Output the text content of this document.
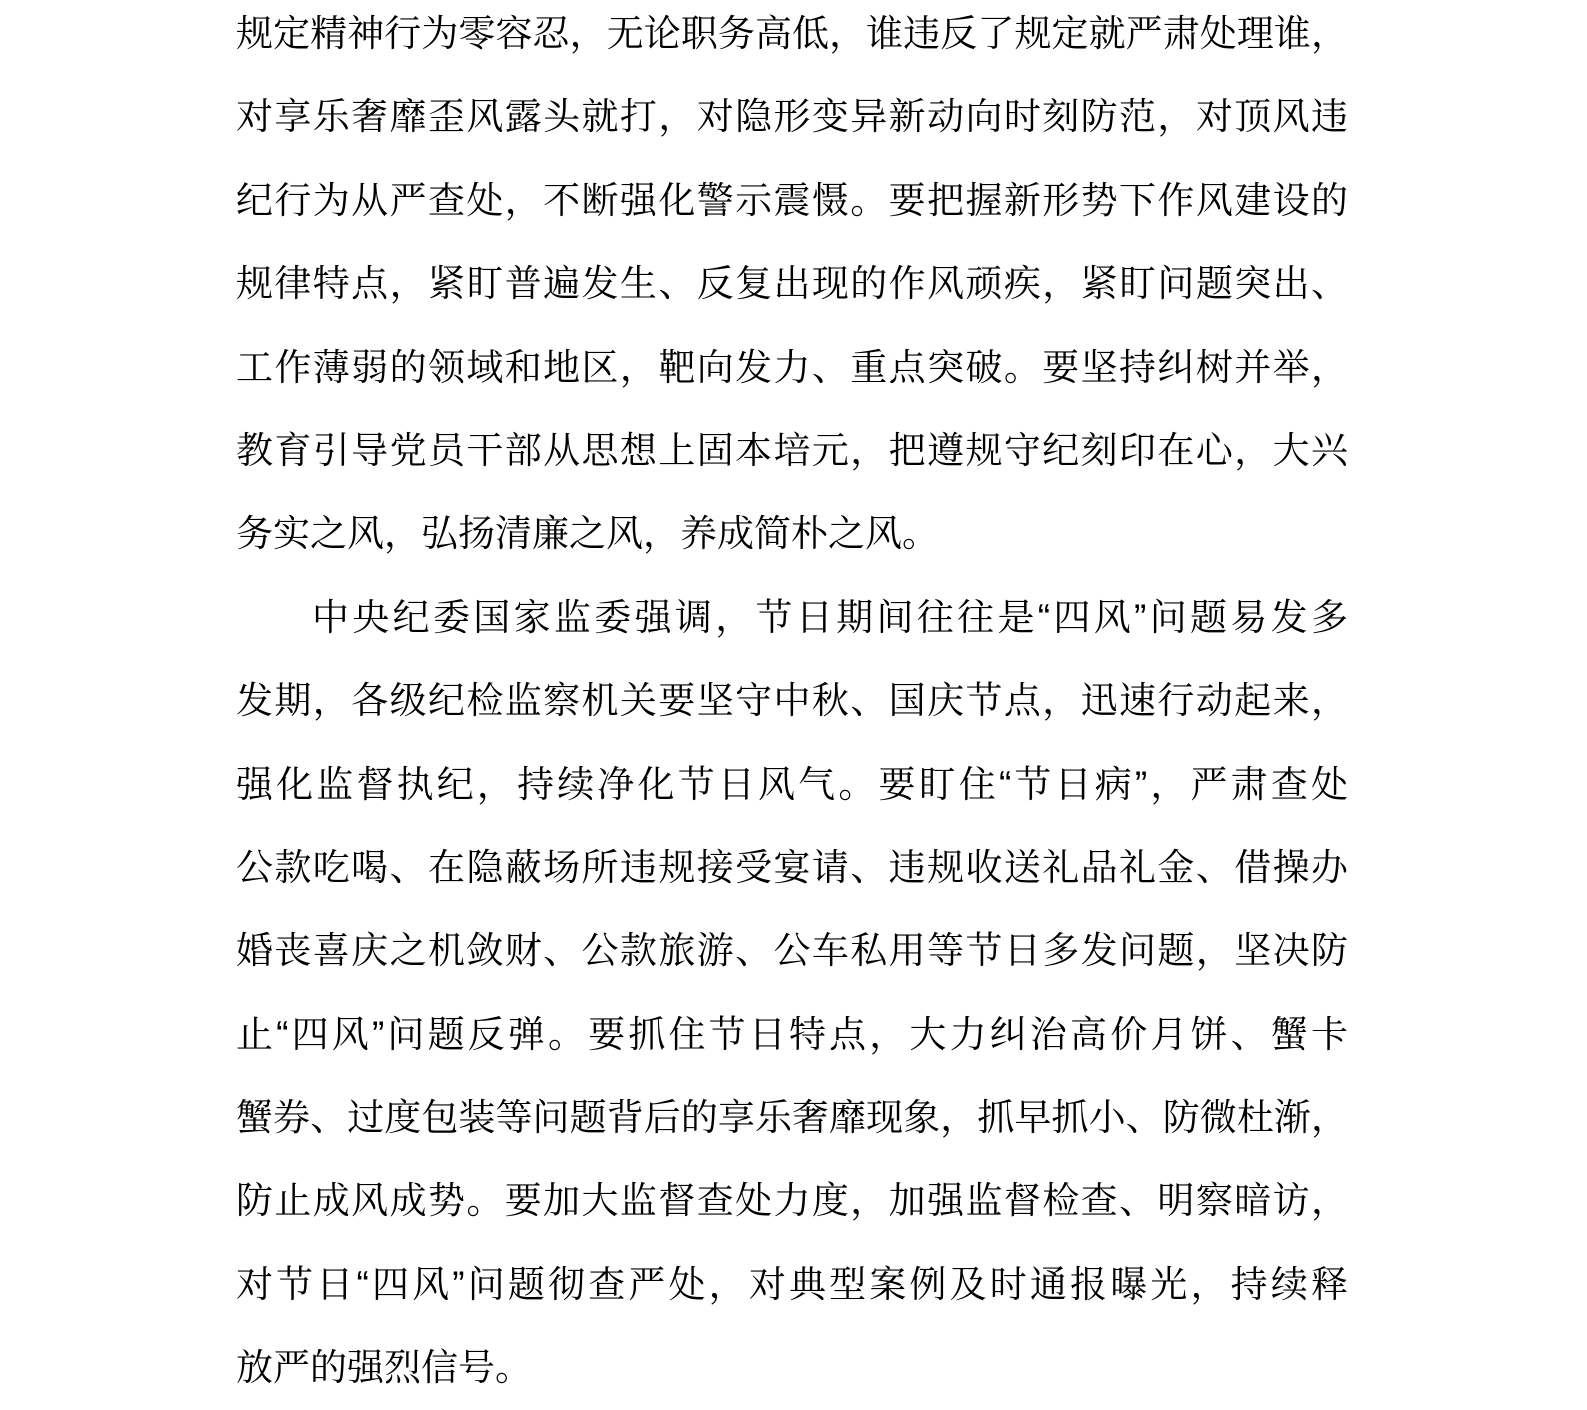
规定精神行为零容忍，无论职务高低，谁违反了规定就严肃处理谁，
对享乐奢靡歪风露头就打，对隐形变异新动向时刻防范，对顶风违
纪行为从严查处，不断强化警示震慑。要把握新形势下作风建设的
规律特点，紧盯普遍发生、反复出现的作风顽疾，紧盯问题突出、
工作薄弱的领域和地区，靶向发力、重点突破。要坚持纠树并举，
教育引导党员干部从思想上固本培元，把遵规守纪刻印在心，大兴
务实之风，弘扬清廉之风，养成简朴之风。
中央纪委国家监委强调，节日期间往往是“四风”问题易发多
发期，各级纪检监察机关要坚守中秋、国庆节点，迅速行动起来，
强化监督执纪，持续净化节日风气。要盯住“节日病”，严肃查处
公款吃喝、在隐蔽场所违规接受宴请、违规收送礼品礼金、借操办
婚丧喜庆之机敛财、公款旅游、公车私用等节日多发问题，坚决防
止“四风”问题反弹。要抓住节日特点，大力纠治高价月饼、蟹卡
蟹券、过度包装等问题背后的享乐奢靡现象，抓早抓小、防微杜渐，
防止成风成势。要加大监督查处力度，加强监督检查、明察暗访，
对节日“四风”问题彻查严处，对典型案例及时通报曝光，持续释
放严的强烈信号。
